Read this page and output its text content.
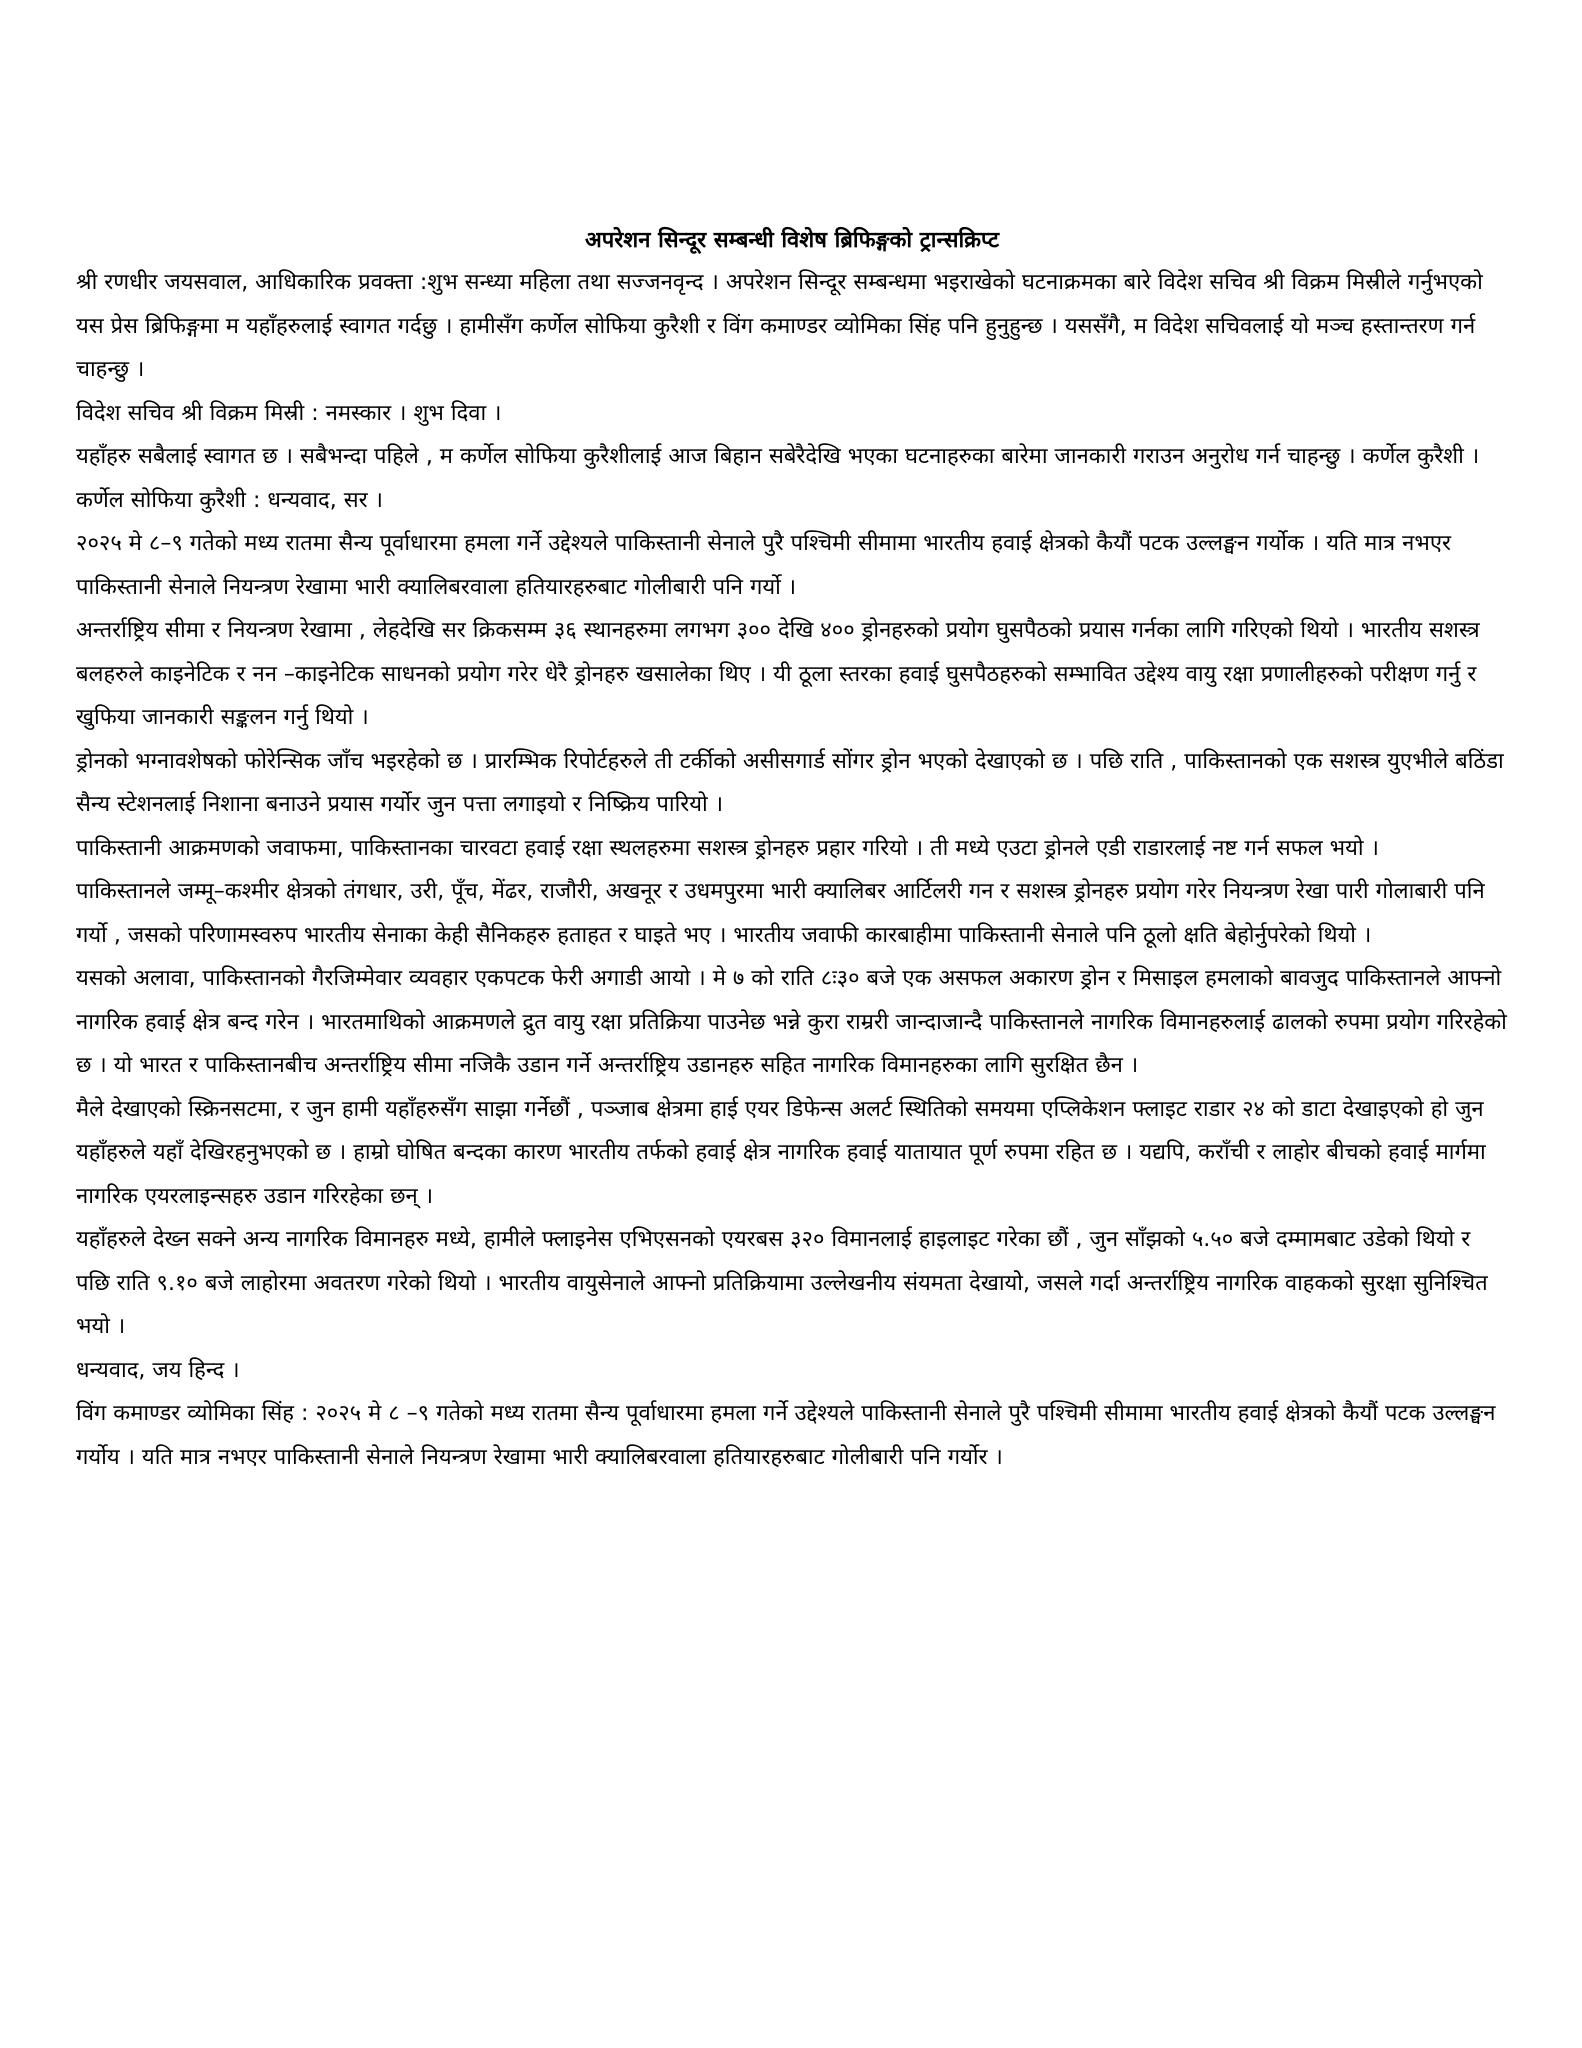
अपरेशन सिन्दूर सम्बन्धी विशेष ब्रिफिङ्गको ट्रान्सक्रिप्ट

श्री रणधीर जयसवाल, आधिकारिक प्रवक्ता :शुभ सन्ध्या महिला तथा सज्जनवृन्द । अपरेशन सिन्दूर सम्बन्धमा भइराखेको घटनाक्रमका बारे विदेश सचिव श्री विक्रम मिस्रीले गर्नुभएको यस प्रेस ब्रिफिङ्गमा म यहाँहरुलाई स्वागत गर्दछु । हामीसँग कर्णेल सोफिया कुरैशी र विंग कमाण्डर व्योमिका सिंह पनि हुनुहुन्छ । यससँगै, म विदेश सचिवलाई यो मञ्च हस्तान्तरण गर्न चाहन्छु ।

विदेश सचिव श्री विक्रम मिस्री : नमस्कार । शुभ दिवा ।

यहाँहरु सबैलाई स्वागत छ । सबैभन्दा पहिले , म कर्णेल सोफिया कुरैशीलाई आज बिहान सबेरैदेखि भएका घटनाहरुका बारेमा जानकारी गराउन अनुरोध गर्न चाहन्छु । कर्णेल कुरैशी ।

कर्णेल सोफिया कुरैशी : धन्यवाद, सर ।

२०२५ मे ८–९ गतेको मध्य रातमा सैन्य पूर्वाधारमा हमला गर्ने उद्देश्यले पाकिस्तानी सेनाले पुरै पश्चिमी सीमामा भारतीय हवाई क्षेत्रको कैयौं पटक उल्लङ्घन गर्योक । यति मात्र नभएर पाकिस्तानी सेनाले नियन्त्रण रेखामा भारी क्यालिबरवाला हतियारहरुबाट गोलीबारी पनि गर्यो ।

अन्तर्राष्ट्रिय सीमा र नियन्त्रण रेखामा , लेहदेखि सर क्रिकसम्म ३६ स्थानहरुमा लगभग ३०० देखि ४०० ड्रोनहरुको प्रयोग घुसपैठको प्रयास गर्नका लागि गरिएको थियो । भारतीय सशस्त्र बलहरुले काइनेटिक र नन –काइनेटिक साधनको प्रयोग गरेर धेरै ड्रोनहरु खसालेका थिए । यी ठूला स्तरका हवाई घुसपैठहरुको सम्भावित उद्देश्य वायु रक्षा प्रणालीहरुको परीक्षण गर्नु र खुफिया जानकारी सङ्कलन गर्नु थियो ।

ड्रोनको भग्नावशेषको फोरेन्सिक जाँच भइरहेको छ । प्रारम्भिक रिपोर्टहरुले ती टर्कीको असीसगार्ड साेंगर ड्रोन भएको देखाएको छ । पछि राति , पाकिस्तानको एक सशस्त्र युएभीले बठिंडा सैन्य स्टेशनलाई निशाना बनाउने प्रयास गर्योर जुन पत्ता लगाइयो र निष्क्रिय पारियो ।

पाकिस्तानी आक्रमणको जवाफमा, पाकिस्तानका चारवटा हवाई रक्षा स्थलहरुमा सशस्त्र ड्रोनहरु प्रहार गरियो । ती मध्ये एउटा ड्रोनले एडी राडारलाई नष्ट गर्न सफल भयो ।

पाकिस्तानले जम्मू–कश्मीर क्षेत्रको तंगधार, उरी, पूँच, मेंढर, राजौरी, अखनूर र उधमपुरमा भारी क्यालिबर आर्टिलरी गन र सशस्त्र ड्रोनहरु प्रयोग गरेर नियन्त्रण रेखा पारी गोलाबारी पनि गर्यो , जसको परिणामस्वरुप भारतीय सेनाका केही सैनिकहरु हताहत र घाइते भए । भारतीय जवाफी कारबाहीमा पाकिस्तानी सेनाले पनि ठूलो क्षति बेहोर्नुपरेको थियो ।

यसको अलावा, पाकिस्तानको गैरजिम्मेवार व्यवहार एकपटक फेरी अगाडी आयो । मे ७ को राति ८ः३० बजे एक असफल अकारण ड्रोन र मिसाइल हमलाको बावजुद पाकिस्तानले आफ्नो नागरिक हवाई क्षेत्र बन्द गरेन । भारतमाथिको आक्रमणले द्रुत वायु रक्षा प्रतिक्रिया पाउनेछ भन्ने कुरा राम्ररी जान्दाजान्दै पाकिस्तानले नागरिक विमानहरुलाई ढालको रुपमा प्रयोग गरिरहेको छ । यो भारत र पाकिस्तानबीच अन्तर्राष्ट्रिय सीमा नजिकै उडान गर्ने अन्तर्राष्ट्रिय उडानहरु सहित नागरिक विमानहरुका लागि सुरक्षित छैन ।

मैले देखाएको स्क्रिनसटमा, र जुन हामी यहाँहरुसँग साझा गर्नेछौं , पञ्जाब क्षेत्रमा हाई एयर डिफेन्स अलर्ट स्थितिको समयमा एप्लिकेशन फ्लाइट राडार २४ को डाटा देखाइएको हो जुन यहाँहरुले यहाँ देखिरहनुभएको छ । हाम्रो घोषित बन्दका कारण भारतीय तर्फको हवाई क्षेत्र नागरिक हवाई यातायात पूर्ण रुपमा रहित छ । यद्यपि, कराँची र लाहोर बीचको हवाई मार्गमा नागरिक एयरलाइन्सहरु उडान गरिरहेका छन् ।

यहाँहरुले देख्न सक्ने अन्य नागरिक विमानहरु मध्ये, हामीले फ्लाइनेस एभिएसनको एयरबस ३२० विमानलाई हाइलाइट गरेका छौं , जुन साँझको ५.५० बजे दम्मामबाट उडेको थियो र पछि राति ९.१० बजे लाहोरमा अवतरण गरेको थियो । भारतीय वायुसेनाले आफ्नो प्रतिक्रियामा उल्लेखनीय संयमता देखायोे, जसले गर्दा अन्तर्राष्ट्रिय नागरिक वाहकको सुरक्षा सुनिश्चित भयो ।

धन्यवाद, जय हिन्द ।

विंग कमाण्डर व्योमिका सिंह : २०२५ मे ८ –९ गतेको मध्य रातमा सैन्य पूर्वाधारमा हमला गर्ने उद्देश्यले पाकिस्तानी सेनाले पुरै पश्चिमी सीमामा भारतीय हवाई क्षेत्रको कैयौं पटक उल्लङ्घन गर्योय । यति मात्र नभएर पाकिस्तानी सेनाले नियन्त्रण रेखामा भारी क्यालिबरवाला हतियारहरुबाट गोलीबारी पनि गर्योर ।
